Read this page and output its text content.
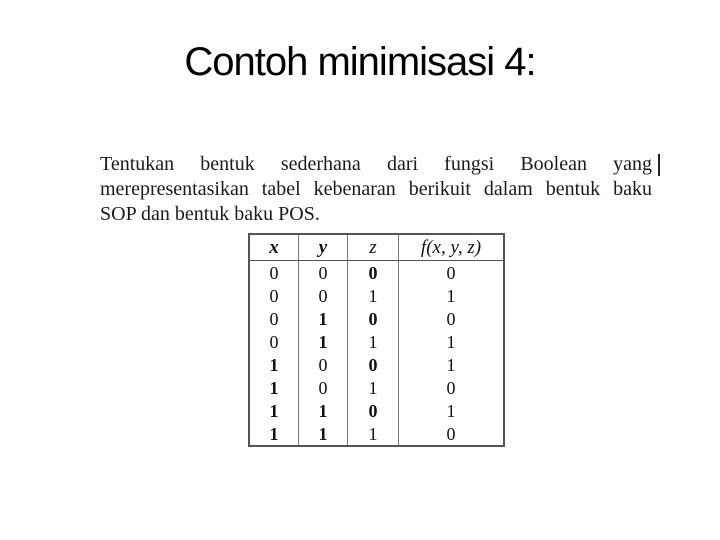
Contoh minimisasi 4:
Tentukan bentuk sederhana dari fungsi Boolean yang
merepresentasikan tabel kebenaran berikuit dalam bentuk baku
SOP dan bentuk baku POS.
x	y	z	f(x, y, z)
0	0	0	0
0	0	1	1
0	1	0	0
0	1	1	1
1	0	0	1
1	0	1	0
1	1	0	1
1	1	1	0
